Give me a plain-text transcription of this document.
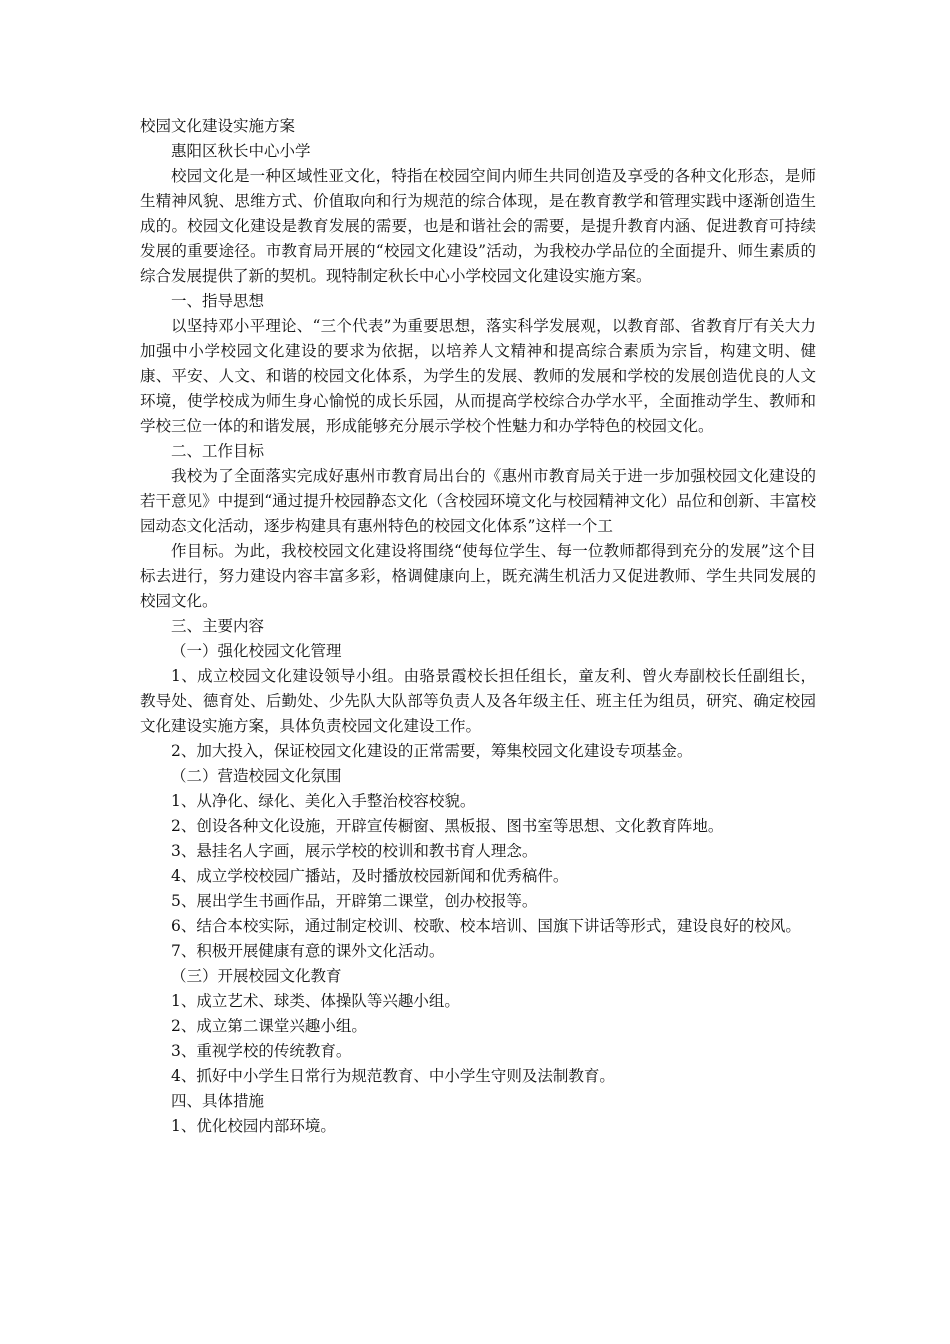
校园文化建设实施方案

惠阳区秋长中心小学

校园文化是一种区域性亚文化，特指在校园空间内师生共同创造及享受的各种文化形态，是师生精神风貌、思维方式、价值取向和行为规范的综合体现，是在教育教学和管理实践中逐渐创造生成的。校园文化建设是教育发展的需要，也是和谐社会的需要，是提升教育内涵、促进教育可持续发展的重要途径。市教育局开展的“校园文化建设”活动，为我校办学品位的全面提升、师生素质的综合发展提供了新的契机。现特制定秋长中心小学校园文化建设实施方案。

一、指导思想

以坚持邓小平理论、“三个代表”为重要思想，落实科学发展观，以教育部、省教育厅有关大力加强中小学校园文化建设的要求为依据，以培养人文精神和提高综合素质为宗旨，构建文明、健康、平安、人文、和谐的校园文化体系，为学生的发展、教师的发展和学校的发展创造优良的人文环境，使学校成为师生身心愉悦的成长乐园，从而提高学校综合办学水平，全面推动学生、教师和学校三位一体的和谐发展，形成能够充分展示学校个性魅力和办学特色的校园文化。

二、工作目标

我校为了全面落实完成好惠州市教育局出台的《惠州市教育局关于进一步加强校园文化建设的若干意见》中提到“通过提升校园静态文化（含校园环境文化与校园精神文化）品位和创新、丰富校园动态文化活动，逐步构建具有惠州特色的校园文化体系”这样一个工

作目标。为此，我校校园文化建设将围绕“使每位学生、每一位教师都得到充分的发展”这个目标去进行，努力建设内容丰富多彩，格调健康向上，既充满生机活力又促进教师、学生共同发展的校园文化。

三、主要内容

（一）强化校园文化管理

1、成立校园文化建设领导小组。由骆景霞校长担任组长，童友利、曾火寿副校长任副组长，教导处、德育处、后勤处、少先队大队部等负责人及各年级主任、班主任为组员，研究、确定校园文化建设实施方案，具体负责校园文化建设工作。

2、加大投入，保证校园文化建设的正常需要，筹集校园文化建设专项基金。

（二）营造校园文化氛围

1、从净化、绿化、美化入手整治校容校貌。

2、创设各种文化设施，开辟宣传橱窗、黑板报、图书室等思想、文化教育阵地。

3、悬挂名人字画，展示学校的校训和教书育人理念。

4、成立学校校园广播站，及时播放校园新闻和优秀稿件。

5、展出学生书画作品，开辟第二课堂，创办校报等。

6、结合本校实际，通过制定校训、校歌、校本培训、国旗下讲话等形式，建设良好的校风。

7、积极开展健康有意的课外文化活动。

（三）开展校园文化教育

1、成立艺术、球类、体操队等兴趣小组。

2、成立第二课堂兴趣小组。

3、重视学校的传统教育。

4、抓好中小学生日常行为规范教育、中小学生守则及法制教育。

四、具体措施

1、优化校园内部环境。
